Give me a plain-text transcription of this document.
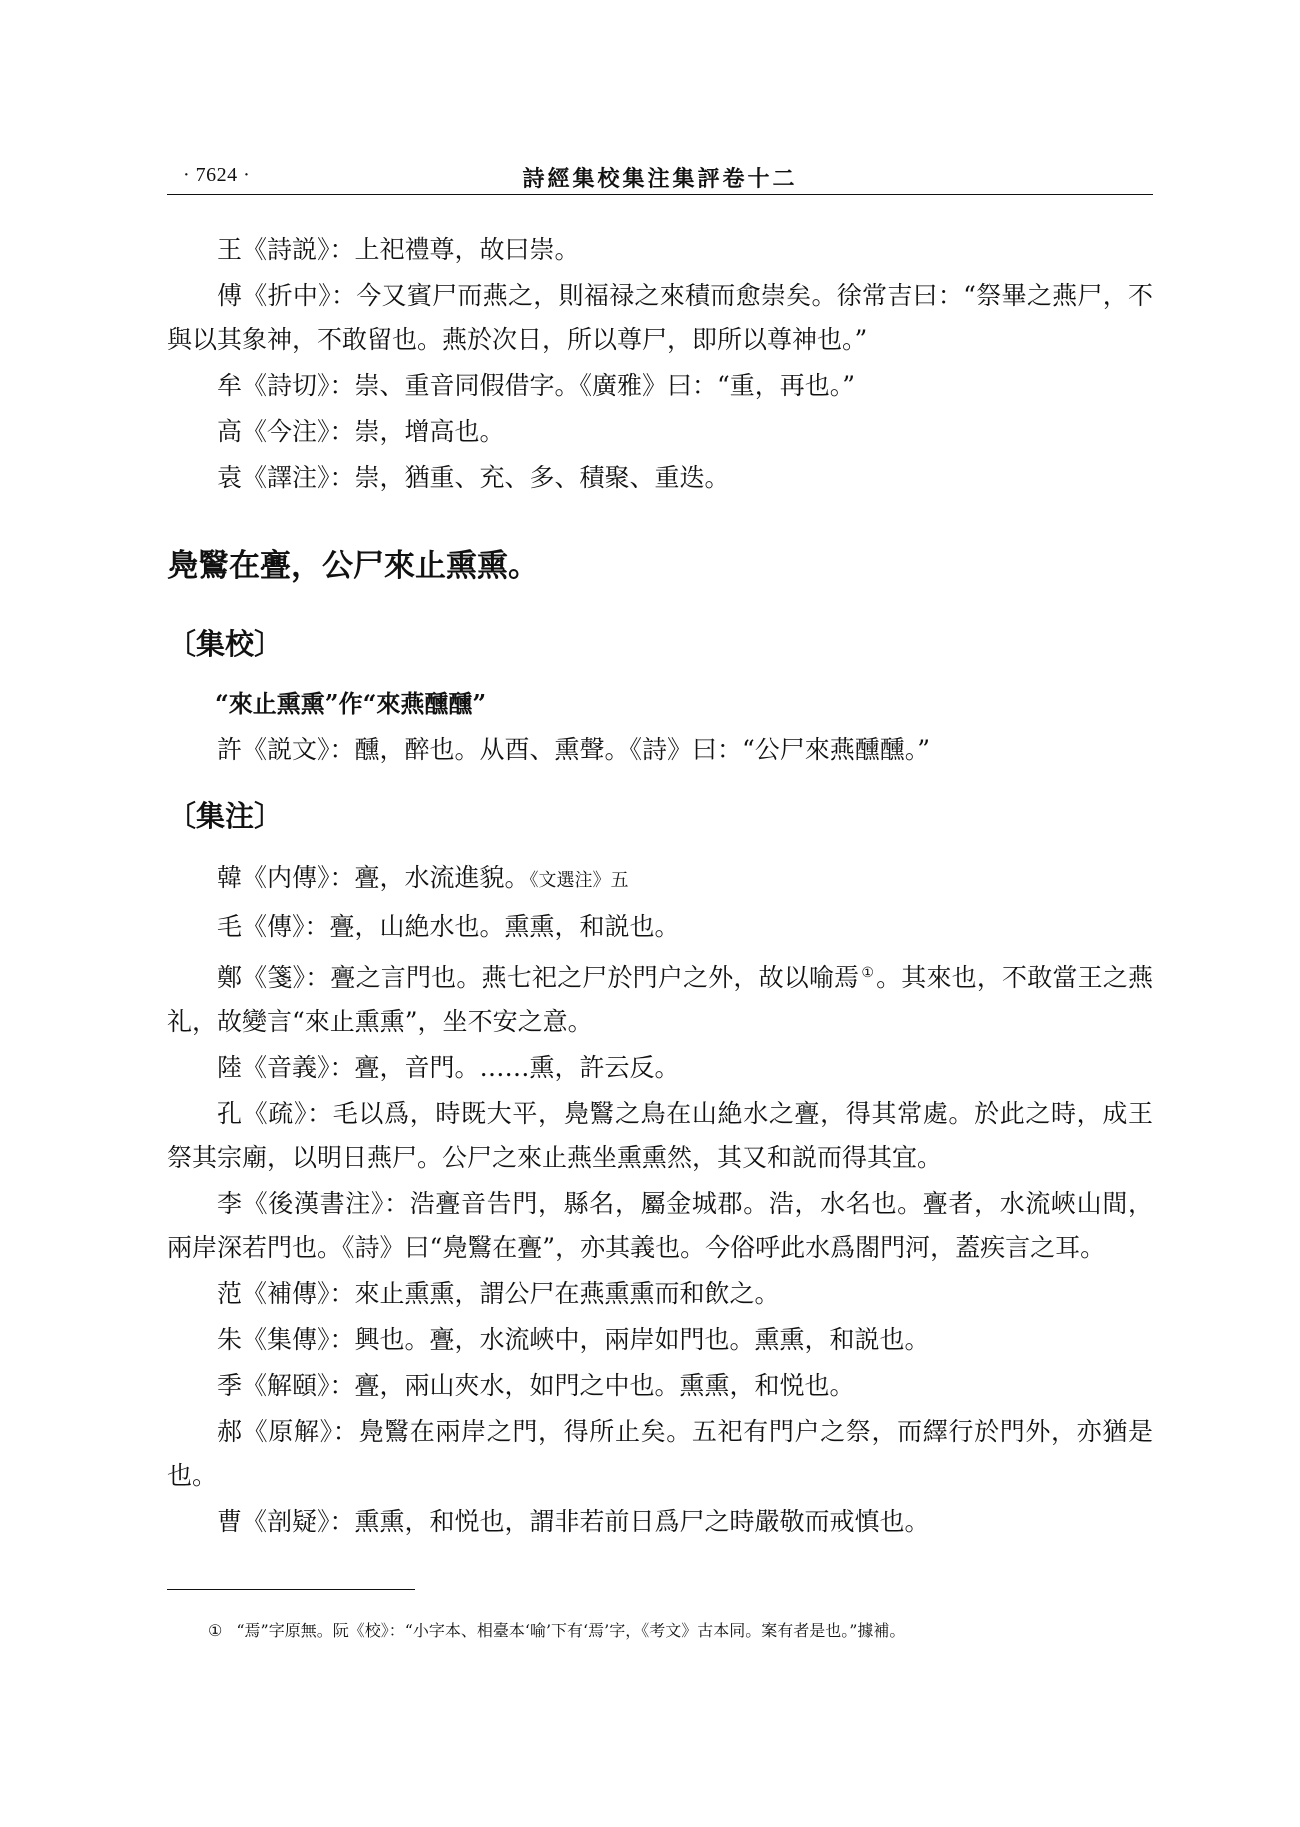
· 7624 ·	詩經集校集注集評卷十二

王《詩説》：上祀禮尊，故曰崇。

傅《折中》：今又賓尸而燕之，則福禄之來積而愈崇矣。徐常吉曰：“祭畢之燕尸，不與以其象神，不敢留也。燕於次日，所以尊尸，即所以尊神也。”

牟《詩切》：崇、重音同假借字。《廣雅》曰：“重，再也。”

高《今注》：崇，增高也。

袁《譯注》：崇，猶重、充、多、積聚、重迭。

鳧鷖在亹，公尸來止熏熏。
〔集校〕
“來止熏熏”作“來燕醺醺”

許《説文》：醺，醉也。从酉、熏聲。《詩》曰：“公尸來燕醺醺。”

〔集注〕

韓《内傳》：亹，水流進貌。《文選注》五

毛《傳》：亹，山絶水也。熏熏，和説也。

鄭《箋》：亹之言門也。燕七祀之尸於門户之外，故以喻焉 ①。其來也，不敢當王之燕礼，故變言“來止熏熏”，坐不安之意。

陸《音義》：亹，音門。……熏，許云反。

孔《疏》：毛以爲，時既大平，鳧鷖之鳥在山絶水之亹，得其常處。於此之時，成王祭其宗廟，以明日燕尸。公尸之來止燕坐熏熏然，其又和説而得其宜。

李《後漢書注》：浩亹音告門，縣名，屬金城郡。浩，水名也。亹者，水流峽山間，兩岸深若門也。《詩》曰“鳧鷖在亹”，亦其義也。今俗呼此水爲閤門河，蓋疾言之耳。

范《補傳》：來止熏熏，謂公尸在燕熏熏而和飲之。

朱《集傳》：興也。亹，水流峽中，兩岸如門也。熏熏，和説也。

季《解頤》：亹，兩山夾水，如門之中也。熏熏，和悦也。

郝《原解》：鳧鷖在兩岸之門，得所止矣。五祀有門户之祭，而繹行於門外，亦猶是也。

曹《剖疑》：熏熏，和悦也，謂非若前日爲尸之時嚴敬而戒慎也。

① “焉”字原無。阮《校》：“小字本、相臺本‘喻’下有‘焉’字，《考文》古本同。案有者是也。”據補。
